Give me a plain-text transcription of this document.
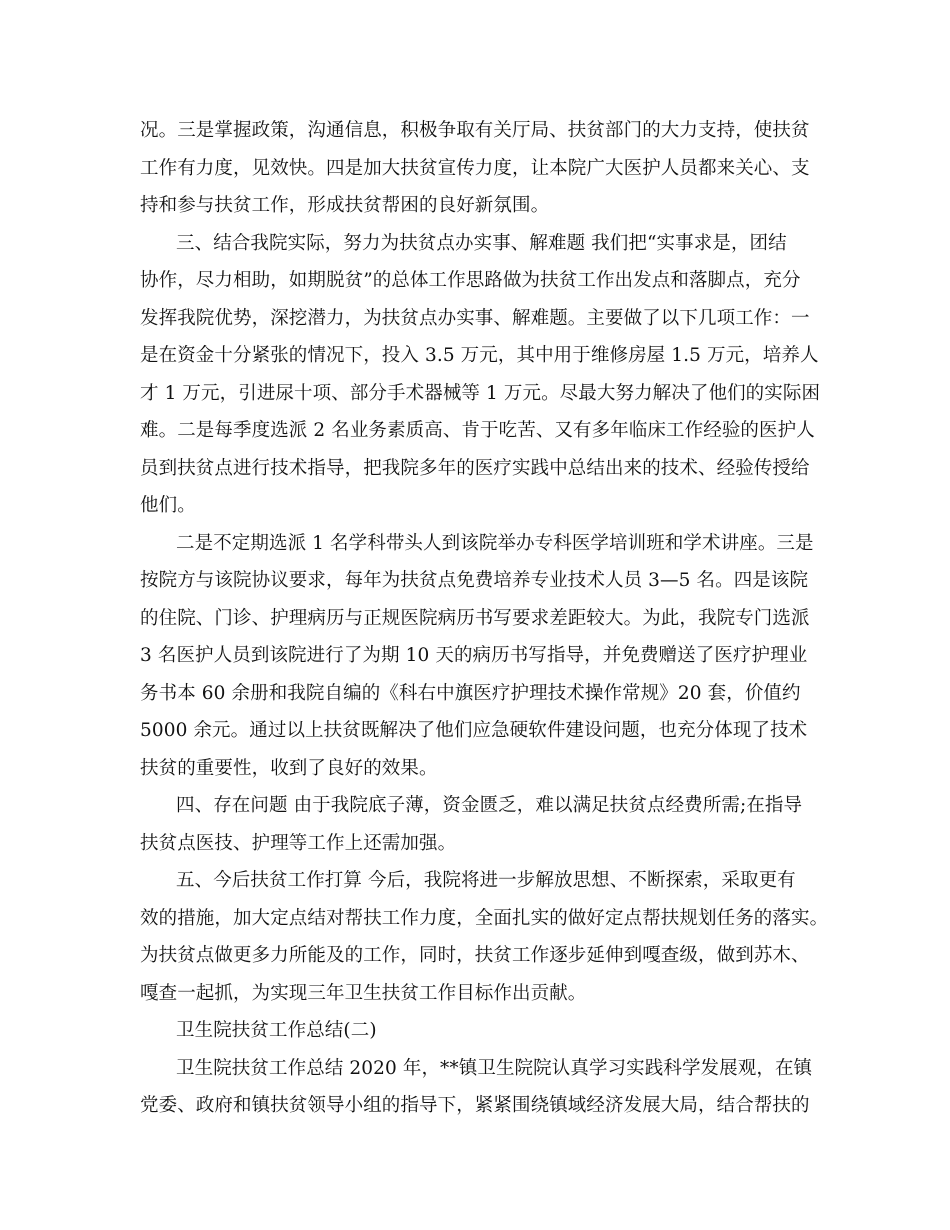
况。三是掌握政策，沟通信息，积极争取有关厅局、扶贫部门的大力支持，使扶贫
工作有力度，见效快。四是加大扶贫宣传力度，让本院广大医护人员都来关心、支
持和参与扶贫工作，形成扶贫帮困的良好新氛围。
三、结合我院实际，努力为扶贫点办实事、解难题 我们把“实事求是，团结
协作，尽力相助，如期脱贫”的总体工作思路做为扶贫工作出发点和落脚点，充分
发挥我院优势，深挖潜力，为扶贫点办实事、解难题。主要做了以下几项工作：一
是在资金十分紧张的情况下，投入 3.5 万元，其中用于维修房屋 1.5 万元，培养人
才 1 万元，引进尿十项、部分手术器械等 1 万元。尽最大努力解决了他们的实际困
难。二是每季度选派 2 名业务素质高、肯于吃苦、又有多年临床工作经验的医护人
员到扶贫点进行技术指导，把我院多年的医疗实践中总结出来的技术、经验传授给
他们。
二是不定期选派 1 名学科带头人到该院举办专科医学培训班和学术讲座。三是
按院方与该院协议要求，每年为扶贫点免费培养专业技术人员 3—5 名。四是该院
的住院、门诊、护理病历与正规医院病历书写要求差距较大。为此，我院专门选派
3 名医护人员到该院进行了为期 10 天的病历书写指导，并免费赠送了医疗护理业
务书本 60 余册和我院自编的《科右中旗医疗护理技术操作常规》20 套，价值约
5000 余元。通过以上扶贫既解决了他们应急硬软件建设问题，也充分体现了技术
扶贫的重要性，收到了良好的效果。
四、存在问题 由于我院底子薄，资金匮乏，难以满足扶贫点经费所需;在指导
扶贫点医技、护理等工作上还需加强。
五、今后扶贫工作打算 今后，我院将进一步解放思想、不断探索，采取更有
效的措施，加大定点结对帮扶工作力度，全面扎实的做好定点帮扶规划任务的落实。
为扶贫点做更多力所能及的工作，同时，扶贫工作逐步延伸到嘎查级，做到苏木、
嘎查一起抓，为实现三年卫生扶贫工作目标作出贡献。
卫生院扶贫工作总结(二)
卫生院扶贫工作总结 2020 年，**镇卫生院院认真学习实践科学发展观，在镇
党委、政府和镇扶贫领导小组的指导下，紧紧围绕镇域经济发展大局，结合帮扶的
